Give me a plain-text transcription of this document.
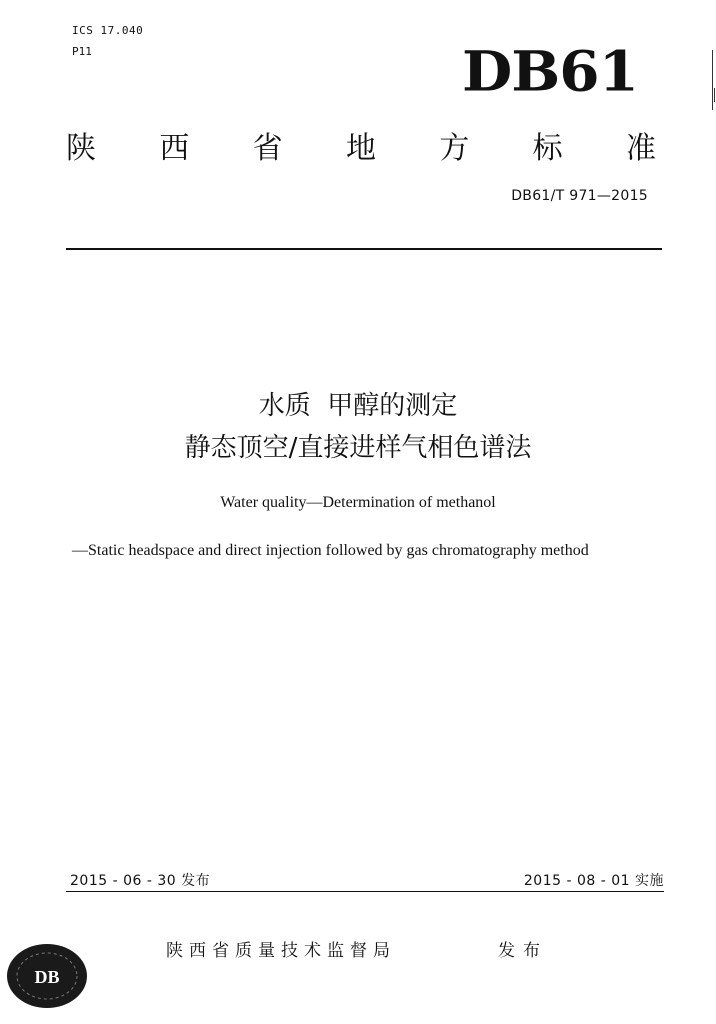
ICS 17.040
P11	DB61
陕 西 省 地 方 标 准
DB61/T 971—2015
水质  甲醇的测定
静态顶空/直接进样气相色谱法
Water quality—Determination of methanol
—Static headspace and direct injection followed by gas chromatography method
2015 - 06 - 30 发布	2015 - 08 - 01 实施
DB
陕西省质量技术监督局	发布
